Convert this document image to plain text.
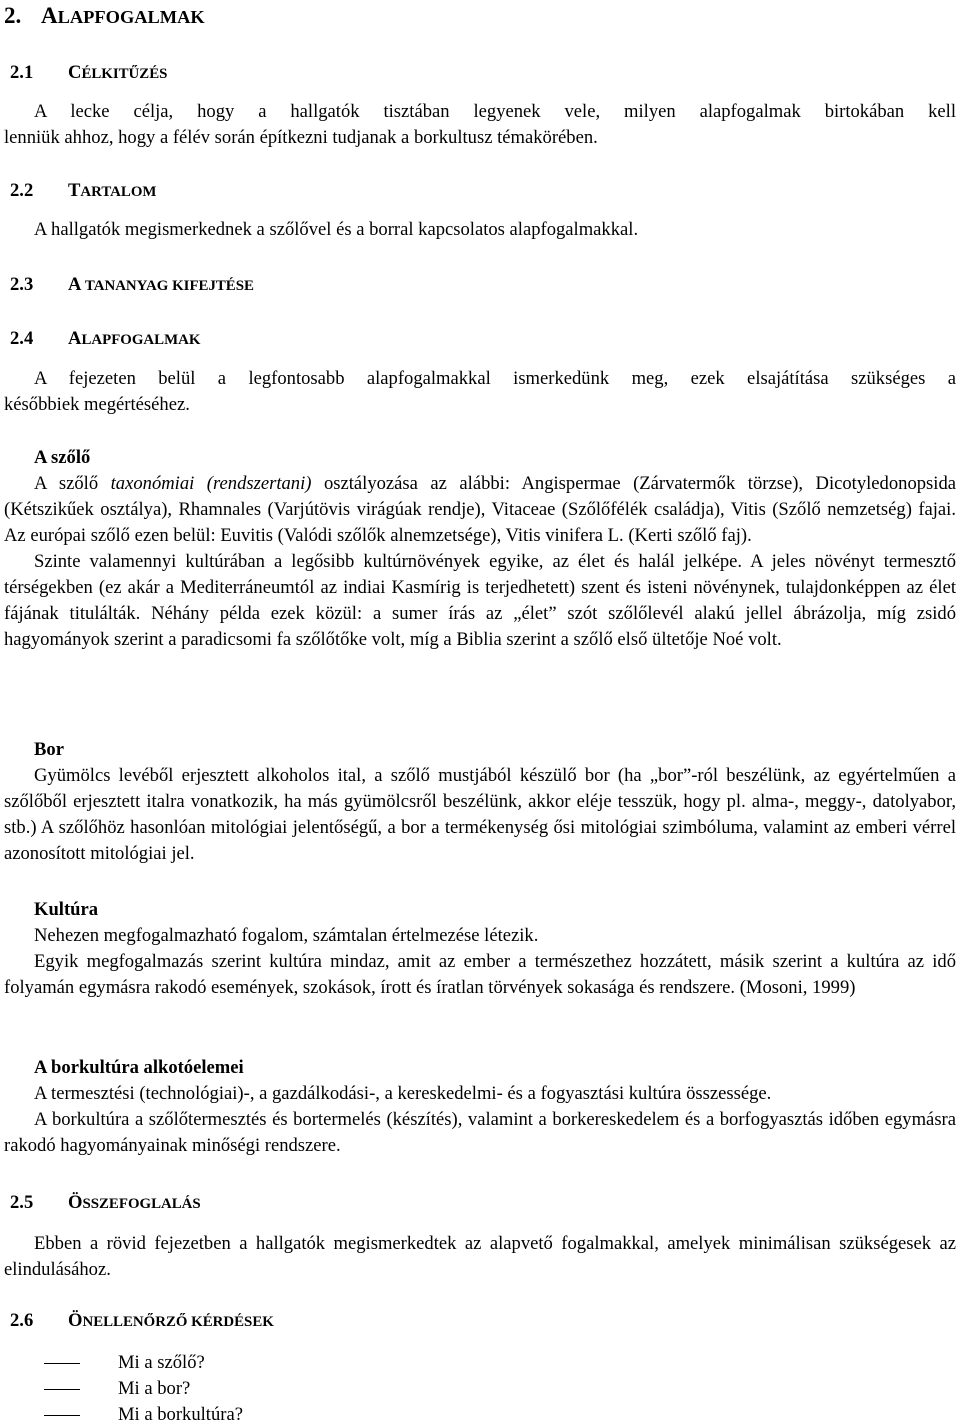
2. ALAPFOGALMAK
2.1 CÉLKITŰZÉS

A lecke célja, hogy a hallgatók tisztában legyenek vele, milyen alapfogalmak birtokában kell

lenniük ahhoz, hogy a félév során építkezni tudjanak a borkultusz témakörében.

2.2 TARTALOM

A hallgatók megismerkednek a szőlővel és a borral kapcsolatos alapfogalmakkal.

2.3 A TANANYAG KIFEJTÉSE
2.4 ALAPFOGALMAK

A fejezeten belül a legfontosabb alapfogalmakkal ismerkedünk meg, ezek elsajátítása szükséges a

későbbiek megértéséhez.

A szőlő

A szőlő taxonómiai (rendszertani) osztályozása az alábbi: Angispermae (Zárvatermők törzse), Dicotyledonopsida (Kétszikűek osztálya), Rhamnales (Varjútövis virágúak rendje), Vitaceae (Szőlőfélék családja), Vitis (Szőlő nemzetség) fajai. Az európai szőlő ezen belül: Euvitis (Valódi szőlők alnemzetsége), Vitis vinifera L. (Kerti szőlő faj).

Szinte valamennyi kultúrában a legősibb kultúrnövények egyike, az élet és halál jelképe. A jeles növényt termesztő térségekben (ez akár a Mediterráneumtól az indiai Kasmírig is terjedhetett) szent és isteni növénynek, tulajdonképpen az élet fájának titulálták. Néhány példa ezek közül: a sumer írás az „élet” szót szőlőlevél alakú jellel ábrázolja, míg zsidó hagyományok szerint a paradicsomi fa szőlőtőke volt, míg a Biblia szerint a szőlő első ültetője Noé volt.

Bor

Gyümölcs levéből erjesztett alkoholos ital, a szőlő mustjából készülő bor (ha „bor”-ról beszélünk, az egyértelműen a szőlőből erjesztett italra vonatkozik, ha más gyümölcsről beszélünk, akkor eléje tesszük, hogy pl. alma-, meggy-, datolyabor, stb.) A szőlőhöz hasonlóan mitológiai jelentőségű, a bor a termékenység ősi mitológiai szimbóluma, valamint az emberi vérrel azonosított mitológiai jel.

Kultúra

Nehezen megfogalmazható fogalom, számtalan értelmezése létezik.

Egyik megfogalmazás szerint kultúra mindaz, amit az ember a természethez hozzátett, másik szerint a kultúra az idő folyamán egymásra rakodó események, szokások, írott és íratlan törvények sokasága és rendszere. (Mosoni, 1999)

A borkultúra alkotóelemei

A termesztési (technológiai)-, a gazdálkodási-, a kereskedelmi- és a fogyasztási kultúra összessége.

A borkultúra a szőlőtermesztés és bortermelés (készítés), valamint a borkereskedelem és a borfogyasztás időben egymásra rakodó hagyományainak minőségi rendszere.

2.5 ÖSSZEFOGLALÁS

Ebben a rövid fejezetben a hallgatók megismerkedtek az alapvető fogalmakkal, amelyek minimálisan szükségesek az elindulásához.

2.6 ÖNELLENŐRZŐ KÉRDÉSEK
Mi a szőlő?
Mi a bor?
Mi a borkultúra?
